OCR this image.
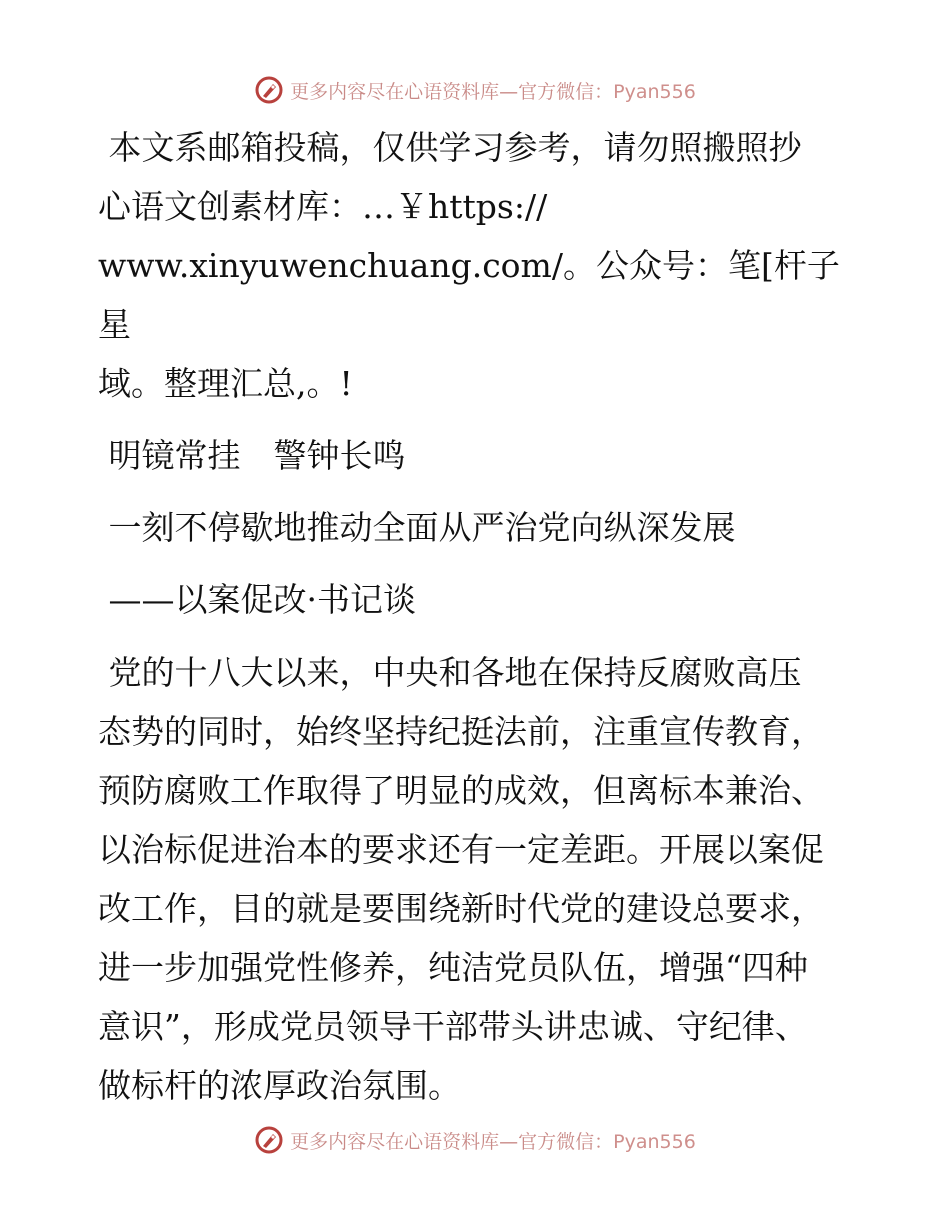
更多内容尽在心语资料库—官方微信：Pyan556

本文系邮箱投稿，仅供学习参考，请勿照搬照抄

心语文创素材库：…￥https://

www.xinyuwenchuang.com/。公众号：笔[杆子星

域。整理汇总,。!

明镜常挂　警钟长鸣

一刻不停歇地推动全面从严治党向纵深发展

——以案促改·书记谈

党的十八大以来，中央和各地在保持反腐败高压

态势的同时，始终坚持纪挺法前，注重宣传教育，

预防腐败工作取得了明显的成效，但离标本兼治、

以治标促进治本的要求还有一定差距。开展以案促

改工作，目的就是要围绕新时代党的建设总要求，

进一步加强党性修养，纯洁党员队伍，增强“四种

意识”，形成党员领导干部带头讲忠诚、守纪律、

做标杆的浓厚政治氛围。

更多内容尽在心语资料库—官方微信：Pyan556
